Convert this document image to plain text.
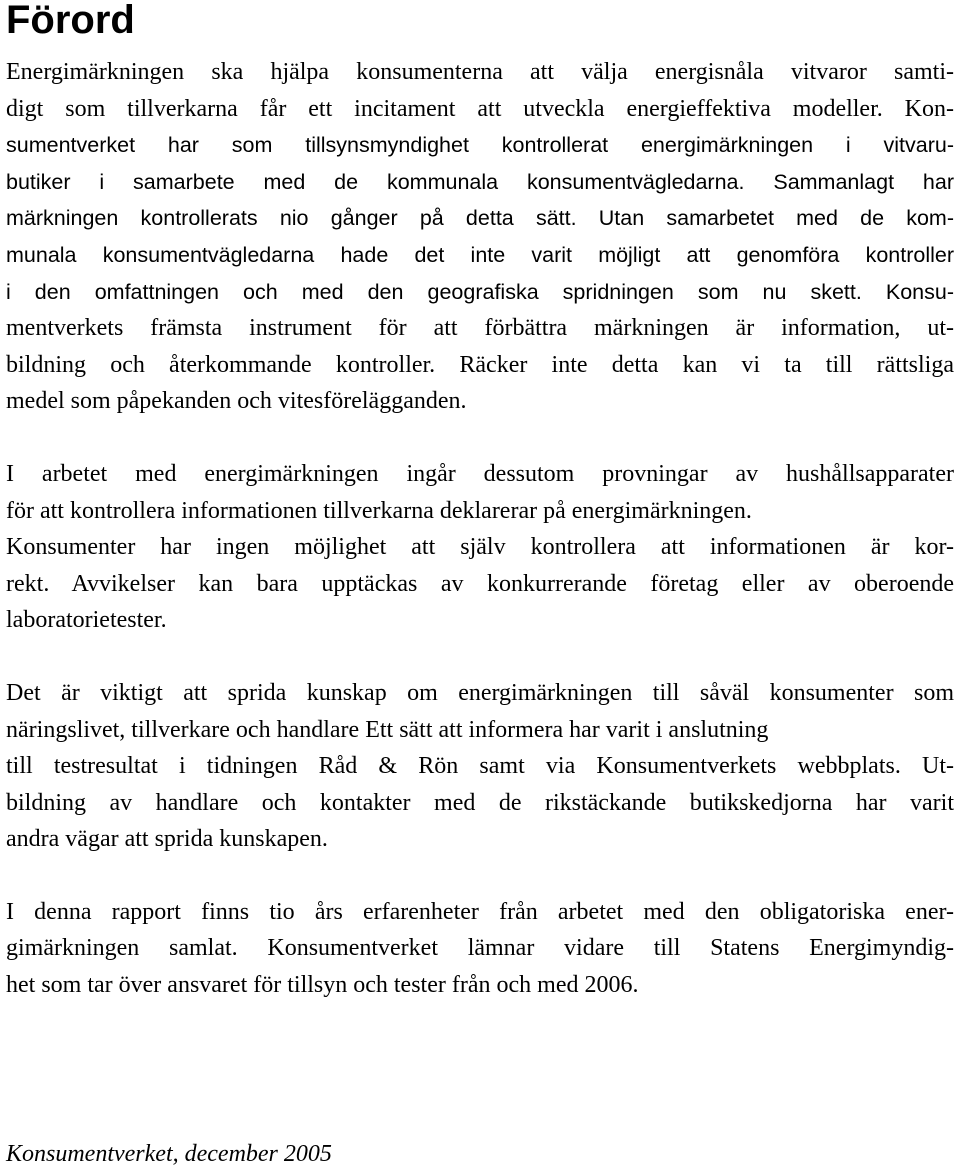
Förord

Energimärkningen ska hjälpa konsumenterna att välja energisnåla vitvaror samti-
digt som tillverkarna får ett incitament att utveckla energieffektiva modeller. Kon-
sumentverket har som tillsynsmyndighet kontrollerat energimärkningen i vitvaru-
butiker i samarbete med de kommunala konsumentvägledarna. Sammanlagt har
märkningen kontrollerats nio gånger på detta sätt. Utan samarbetet med de kom-
munala konsumentvägledarna hade det inte varit möjligt att genomföra kontroller
i den omfattningen och med den geografiska spridningen som nu skett. Konsu-
mentverkets främsta instrument för att förbättra märkningen är information, ut-
bildning och återkommande kontroller. Räcker inte detta kan vi ta till rättsliga
medel som påpekanden och vitesförelägganden.

I arbetet med energimärkningen ingår dessutom provningar av hushållsapparater
för att kontrollera informationen tillverkarna deklarerar på energimärkningen.
Konsumenter har ingen möjlighet att själv kontrollera att informationen är kor-
rekt. Avvikelser kan bara upptäckas av konkurrerande företag eller av oberoende
laboratorietester.

Det är viktigt att sprida kunskap om energimärkningen till såväl konsumenter som
näringslivet, tillverkare och handlare Ett sätt att informera har varit i anslutning
till testresultat i tidningen Råd & Rön samt via Konsumentverkets webbplats. Ut-
bildning av handlare och kontakter med de rikstäckande butikskedjorna har varit
andra vägar att sprida kunskapen.

I denna rapport finns tio års erfarenheter från arbetet med den obligatoriska ener-
gimärkningen samlat. Konsumentverket lämnar vidare till Statens Energimyndig-
het som tar över ansvaret för tillsyn och tester från och med 2006.

Konsumentverket, december 2005
